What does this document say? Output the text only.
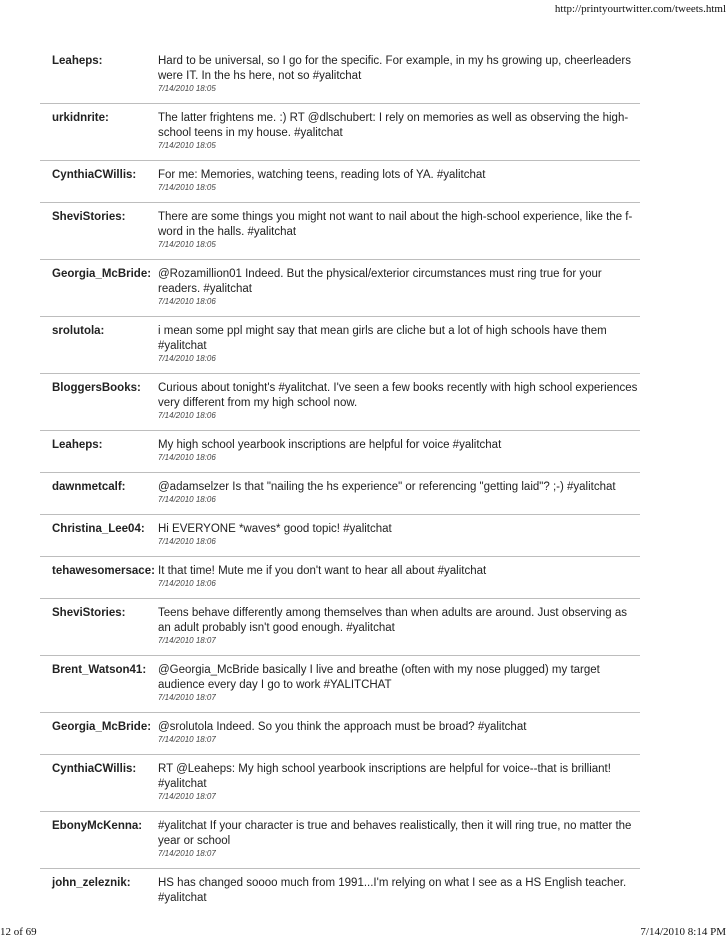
http://printyourtwitter.com/tweets.html
Leaheps:	Hard to be universal, so I go for the specific. For example, in my hs growing up, cheerleaders were IT. In the hs here, not so #yalitchat
7/14/2010 18:05
urkidnrite:	The latter frightens me. :) RT @dlschubert: I rely on memories as well as observing the high-school teens in my house. #yalitchat
7/14/2010 18:05
CynthiaCWillis:	For me: Memories, watching teens, reading lots of YA. #yalitchat
7/14/2010 18:05
SheviStories:	There are some things you might not want to nail about the high-school experience, like the f-word in the halls. #yalitchat
7/14/2010 18:05
Georgia_McBride: @Rozamillion01 Indeed. But the physical/exterior circumstances must ring true for your readers. #yalitchat
7/14/2010 18:06
srolutola:	i mean some ppl might say that mean girls are cliche but a lot of high schools have them #yalitchat
7/14/2010 18:06
BloggersBooks:	Curious about tonight's #yalitchat. I've seen a few books recently with high school experiences very different from my high school now.
7/14/2010 18:06
Leaheps:	My high school yearbook inscriptions are helpful for voice #yalitchat
7/14/2010 18:06
dawnmetcalf:	@adamselzer Is that "nailing the hs experience" or referencing "getting laid"? ;-) #yalitchat
7/14/2010 18:06
Christina_Lee04:	Hi EVERYONE *waves* good topic! #yalitchat
7/14/2010 18:06
tehawesomersace: It that time! Mute me if you don't want to hear all about #yalitchat
7/14/2010 18:06
SheviStories:	Teens behave differently among themselves than when adults are around. Just observing as an adult probably isn't good enough. #yalitchat
7/14/2010 18:07
Brent_Watson41:	@Georgia_McBride basically I live and breathe (often with my nose plugged) my target audience every day I go to work #YALITCHAT
7/14/2010 18:07
Georgia_McBride: @srolutola Indeed. So you think the approach must be broad? #yalitchat
7/14/2010 18:07
CynthiaCWillis:	RT @Leaheps: My high school yearbook inscriptions are helpful for voice--that is brilliant! #yalitchat
7/14/2010 18:07
EbonyMcKenna:	#yalitchat If your character is true and behaves realistically, then it will ring true, no matter the year or school
7/14/2010 18:07
john_zeleznik:	HS has changed soooo much from 1991...I'm relying on what I see as a HS English teacher. #yalitchat
12 of 69	7/14/2010 8:14 PM
